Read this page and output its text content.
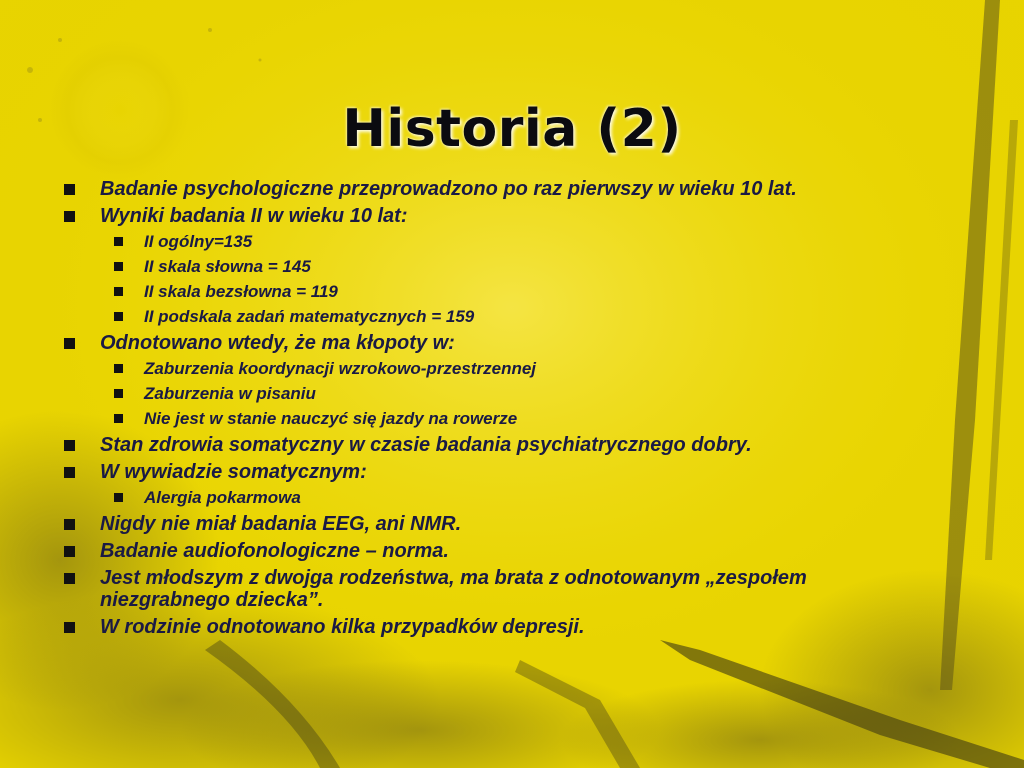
Historia (2)
Badanie psychologiczne przeprowadzono po raz pierwszy w wieku 10 lat.
Wyniki badania II w wieku 10 lat:
II ogólny=135
II skala słowna = 145
II skala bezsłowna = 119
II podskala zadań matematycznych = 159
Odnotowano wtedy, że ma kłopoty w:
Zaburzenia koordynacji wzrokowo-przestrzennej
Zaburzenia w pisaniu
Nie jest w stanie nauczyć się jazdy na rowerze
Stan zdrowia somatyczny w czasie badania psychiatrycznego dobry.
W wywiadzie somatycznym:
Alergia pokarmowa
Nigdy nie miał badania EEG, ani NMR.
Badanie audiofonologiczne – norma.
Jest młodszym z dwojga rodzeństwa, ma brata z odnotowanym „zespołem niezgrabnego dziecka”.
W rodzinie odnotowano kilka przypadków depresji.
